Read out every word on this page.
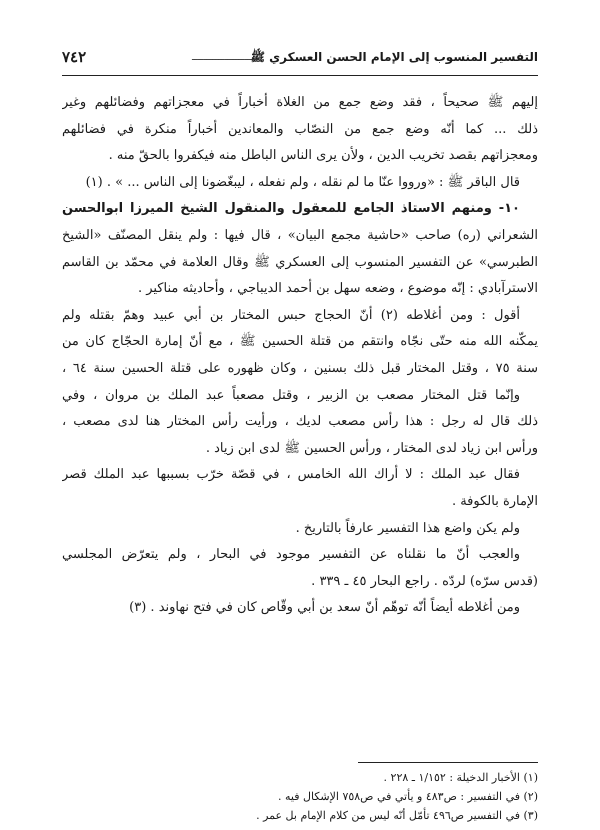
التفسير المنسوب إلى الإمام الحسن العسكري ﷺ
ـــــــــــــــــــــــ
٧٤٢
إليهم ﷺ صحيحاً ، فقد وضع جمع من الغلاة أخباراً في معجزاتهم وفضائلهم وغير
ذلك ... كما أنّه وضع جمع من النصّاب والمعاندين أخباراً منكرة في فضائلهم
ومعجزاتهم بقصد تخريب الدين ، ولأن يرى الناس الباطل منه فيكفروا بالحقّ منه .
قال الباقر ﷺ : «ورووا عنّا ما لم نقله ، ولم نفعله ، ليبغّضونا إلى الناس ... » . (١)
١٠- ومنهم الاستاذ الجامع للمعقول والمنقول الشيخ الميرزا ابوالحسن
الشعراني (ره) صاحب «حاشية مجمع البيان» ، قال فيها : ولم ينقل المصنّف «الشيخ
الطبرسي» عن التفسير المنسوب إلى العسكري ﷺ وقال العلامة في محمّد بن القاسم
الاسترآبادي : إنّه موضوع ، وضعه سهل بن أحمد الديباجي ، وأحاديثه مناكير .
أقول : ومن أغلاطه (٢) أنّ الحجاج حبس المختار بن أبي عبيد وهمّ بقتله ولم
يمكّنه الله منه حتّى نجّاه وانتقم من قتلة الحسين ﷺ ، مع أنّ إمارة الحجّاج كان من
سنة ٧٥ ، وقتل المختار قبل ذلك بسنين ، وكان ظهوره على قتلة الحسين سنة ٦٤ ،
وإنّما قتل المختار مصعب بن الزبير ، وقتل مصعباً عبد الملك بن مروان ، وفي
ذلك قال له رجل : هذا رأس مصعب لديك ، ورأيت رأس المختار هنا لدى مصعب ،
ورأس ابن زياد لدى المختار ، ورأس الحسين ﷺ لدى ابن زياد .
فقال عبد الملك : لا أراك الله الخامس ، في قصّة خرّب بسببها عبد الملك قصر
الإمارة بالكوفة .
ولم يكن واضع هذا التفسير عارفاً بالتاريخ .
والعجب أنّ ما نقلناه عن التفسير موجود في البحار ، ولم يتعرّض المجلسي
(قدس سرّه) لردّه . راجع البحار ٤٥ ـ ٣٣٩ .
ومن أغلاطه أيضاً أنّه توهّم أنّ سعد بن أبي وقّاص كان في فتح نهاوند . (٣)
(١) الأخبار الدخيلة : ١/١٥٢ ـ ٢٢٨ .
(٢) في التفسير : ص٤٨٣ و يأتي في ص٧٥٨ الإشكال فيه .
(٣) في التفسير ص٤٩٦ تأمّل أنّه ليس من كلام الإمام بل عمر .
